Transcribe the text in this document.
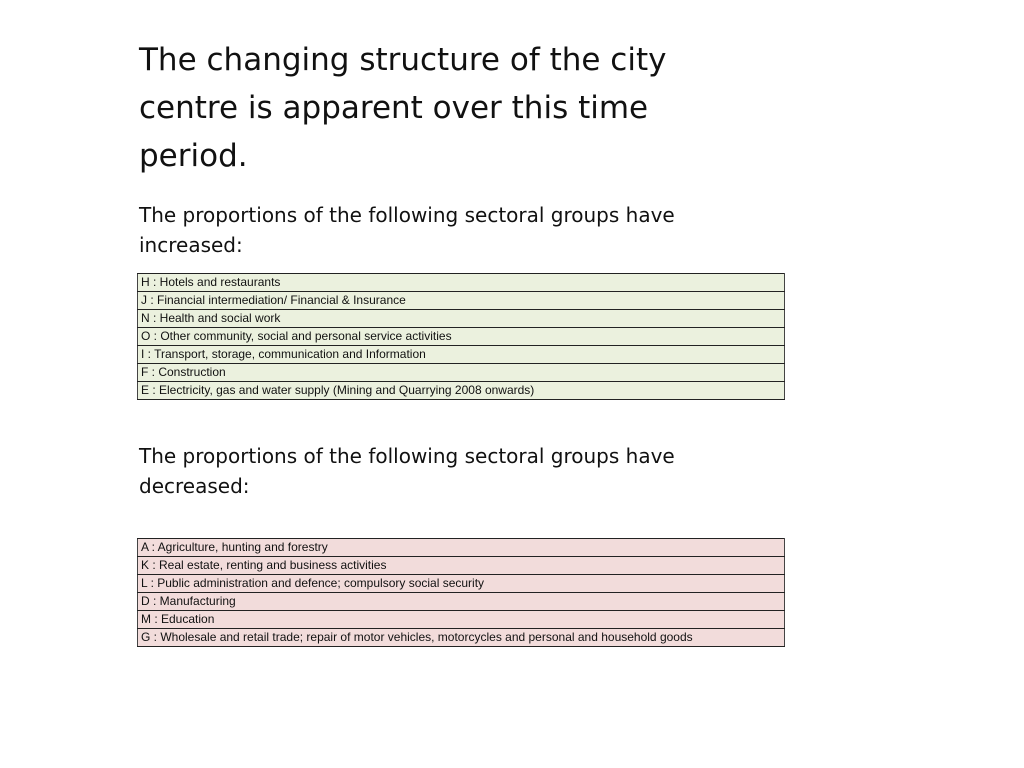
The changing structure of the city centre is apparent over this time period.

The proportions of the following sectoral groups have increased:

H : Hotels and restaurants
J : Financial intermediation/ Financial & Insurance
N : Health and social work
O : Other community, social and personal service activities
I : Transport, storage, communication and Information
F : Construction
E : Electricity, gas and water supply (Mining and Quarrying 2008 onwards)

The proportions of the following sectoral groups have decreased:

A : Agriculture, hunting and forestry
K : Real estate, renting and business activities
L : Public administration and defence; compulsory social security
D : Manufacturing
M : Education
G : Wholesale and retail trade; repair of motor vehicles, motorcycles and personal and household goods
